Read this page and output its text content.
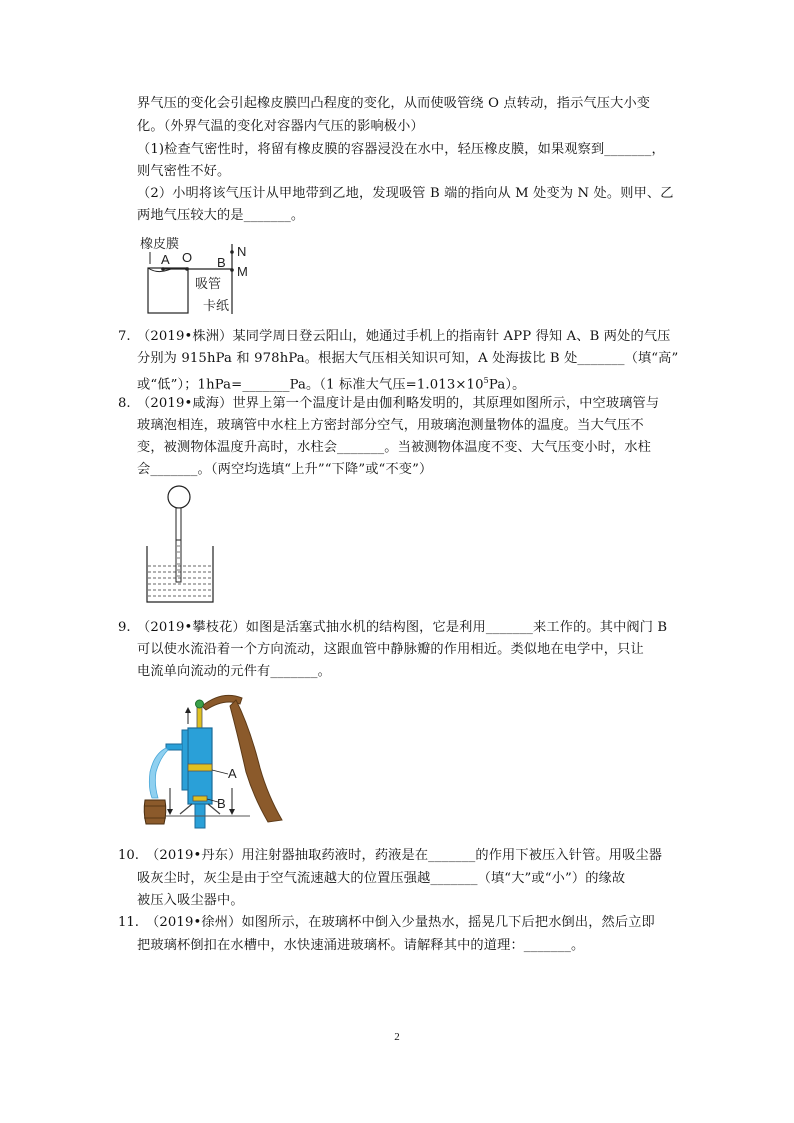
界气压的变化会引起橡皮膜凹凸程度的变化，从而使吸管绕 O 点转动，指示气压大小变
化。（外界气温的变化对容器内气压的影响极小）
（1)检查气密性时，将留有橡皮膜的容器浸没在水中，轻压橡皮膜，如果观察到_______，
则气密性不好。
（2）小明将该气压计从甲地带到乙地，发现吸管 B 端的指向从 M 处变为 N 处。则甲、乙
两地气压较大的是_______。
橡皮膜
A O B
N
M
吸管
卡纸
7. （2019•株洲）某同学周日登云阳山，她通过手机上的指南针 APP 得知 A、B 两处的气压
分别为 915hPa 和 978hPa。根据大气压相关知识可知，A 处海拔比 B 处_______（填“高”
或“低”）；1hPa=_______Pa。（1 标准大气压$=1.013\times 10^5Pa$）。
8. （2019•咸海）世界上第一个温度计是由伽利略发明的，其原理如图所示，中空玻璃管与
玻璃泡相连，玻璃管中水柱上方密封部分空气，用玻璃泡测量物体的温度。当大气压不
变，被测物体温度升高时，水柱会_______。当被测物体温度不变、大气压变小时，水柱
会_______。（两空均选填“上升”“下降”或“不变”）
9. （2019•攀枝花）如图是活塞式抽水机的结构图，它是利用_______来工作的。其中阀门 B
可以使水流沿着一个方向流动，这跟血管中静脉瓣的作用相近。类似地在电学中，只让
电流单向流动的元件有_______。
A
B
10. （2019•丹东）用注射器抽取药液时，药液是在_______的作用下被压入针管。用吸尘器
吸灰尘时，灰尘是由于空气流速越大的位置压强越_______（填“大”或“小”）的缘故
被压入吸尘器中。
11. （2019•徐州）如图所示，在玻璃杯中倒入少量热水，摇晃几下后把水倒出，然后立即
把玻璃杯倒扣在水槽中，水快速涌进玻璃杯。请解释其中的道理：_______。
2
